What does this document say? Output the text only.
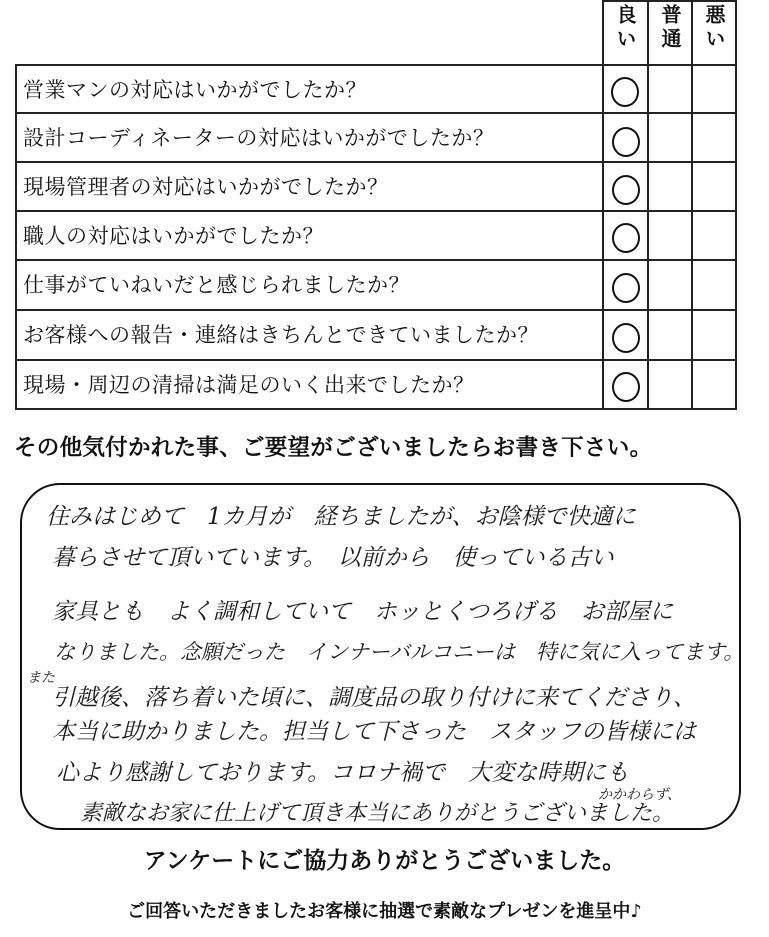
良い 普通 悪い
営業マンの対応はいかがでしたか？
設計コーディネーターの対応はいかがでしたか？
現場管理者の対応はいかがでしたか？
職人の対応はいかがでしたか？
仕事がていねいだと感じられましたか？
お客様への報告・連絡はきちんとできていましたか？
現場・周辺の清掃は満足のいく出来でしたか？
その他気付かれた事、ご要望がございましたらお書き下さい。
住みはじめて　1カ月が　経ちましたが、お陰様で快適に
暮らさせて頂いています。　以前から　使っている古い
家具とも　よく調和していて　ホッとくつろげる　お部屋に
なりました。念願だった　インナーバルコニーは　特に気に入ってます。
また
引越後、落ち着いた頃に、調度品の取り付けに来てくださり、
本当に助かりました。担当して下さった　スタッフの皆様には
心より感謝しております。コロナ禍で　大変な時期にも
かかわらず、
素敵なお家に仕上げて頂き本当にありがとうございました。
アンケートにご協力ありがとうございました。
ご回答いただきましたお客様に抽選で素敵なプレゼンを進呈中♪
